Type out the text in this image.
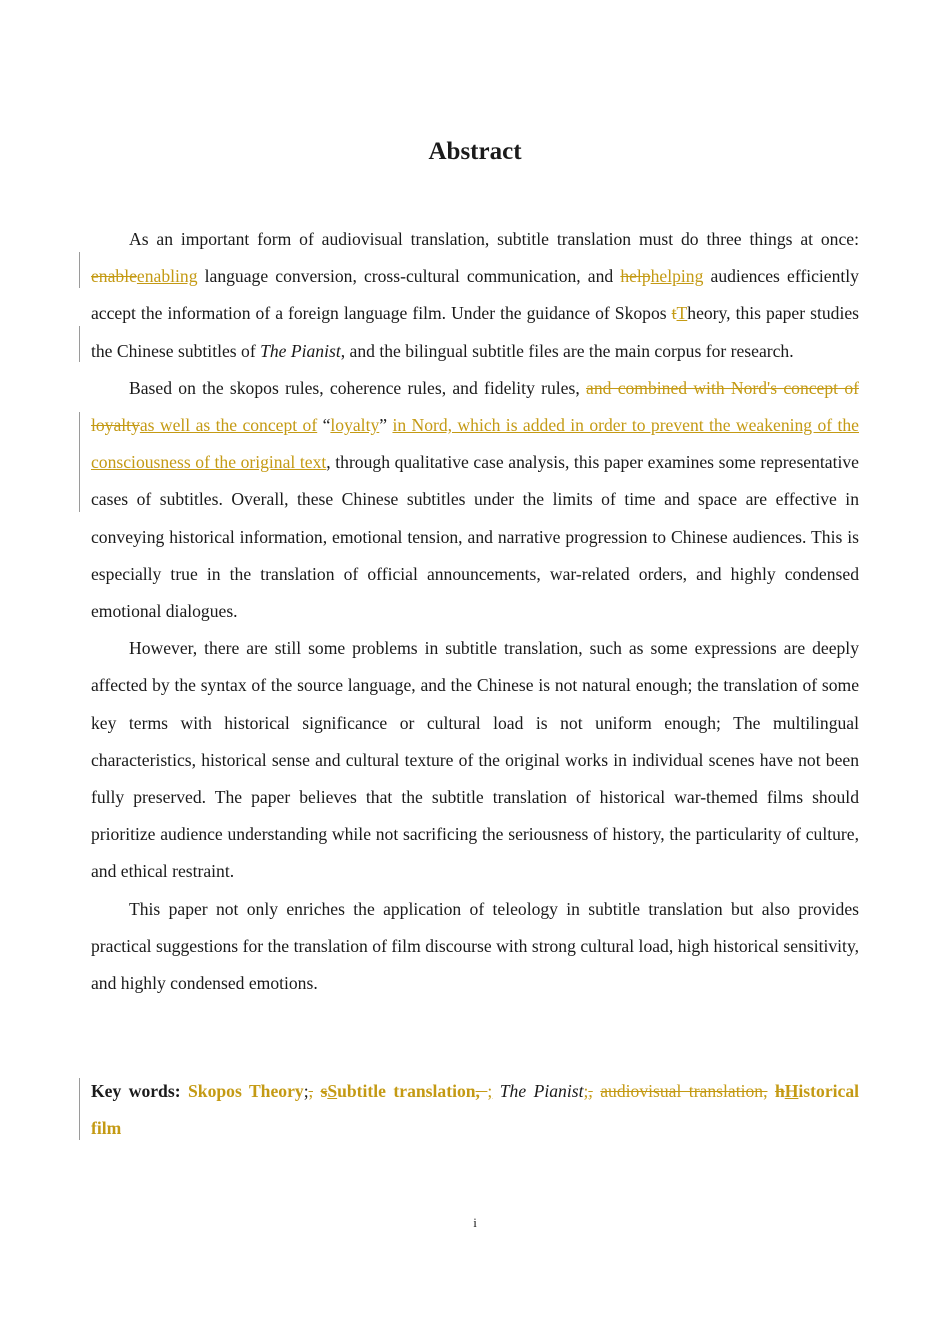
Abstract

As an important form of audiovisual translation, subtitle translation must do three things at once: enableenabling language conversion, cross-cultural communication, and helphelping audiences efficiently accept the information of a foreign language film. Under the guidance of Skopos tTheory, this paper studies the Chinese subtitles of The Pianist, and the bilingual subtitle files are the main corpus for research.

Based on the skopos rules, coherence rules, and fidelity rules, and combined with Nord's concept of loyaltyas well as the concept of “loyalty” in Nord, which is added in order to prevent the weakening of the consciousness of the original text, through qualitative case analysis, this paper examines some representative cases of subtitles. Overall, these Chinese subtitles under the limits of time and space are effective in conveying historical information, emotional tension, and narrative progression to Chinese audiences. This is especially true in the translation of official announcements, war-related orders, and highly condensed emotional dialogues.

However, there are still some problems in subtitle translation, such as some expressions are deeply affected by the syntax of the source language, and the Chinese is not natural enough; the translation of some key terms with historical significance or cultural load is not uniform enough; The multilingual characteristics, historical sense and cultural texture of the original works in individual scenes have not been fully preserved. The paper believes that the subtitle translation of historical war-themed films should prioritize audience understanding while not sacrificing the seriousness of history, the particularity of culture, and ethical restraint.

This paper not only enriches the application of teleology in subtitle translation but also provides practical suggestions for the translation of film discourse with strong cultural load, high historical sensitivity, and highly condensed emotions.

Key words: Skopos Theory;, sSubtitle translation, ; The Pianist;, audiovisual translation, hHistorical film
i
